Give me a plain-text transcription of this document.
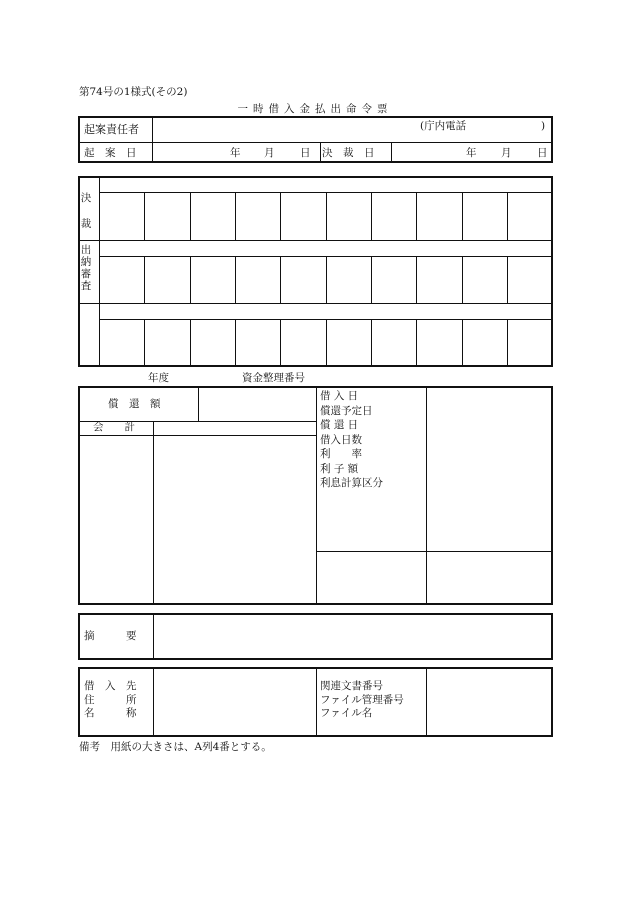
第74号の1様式(その2)
一時借入金払出命令票
起案責任者	(庁内電話	)
起　案　日	年 月 日 決　裁　日	年 月 日
決

裁
出
納
審
査
年度	資金整理番号
償　還　額
会　　計
借 入 日
償還予定日
償 還 日
借入日数
利　　率
利 子 額
利息計算区分
摘　　　要
借　入　先
住　　　所
名　　　称
関連文書番号
ファイル管理番号
ファイル名
備考　用紙の大きさは、A列4番とする。
